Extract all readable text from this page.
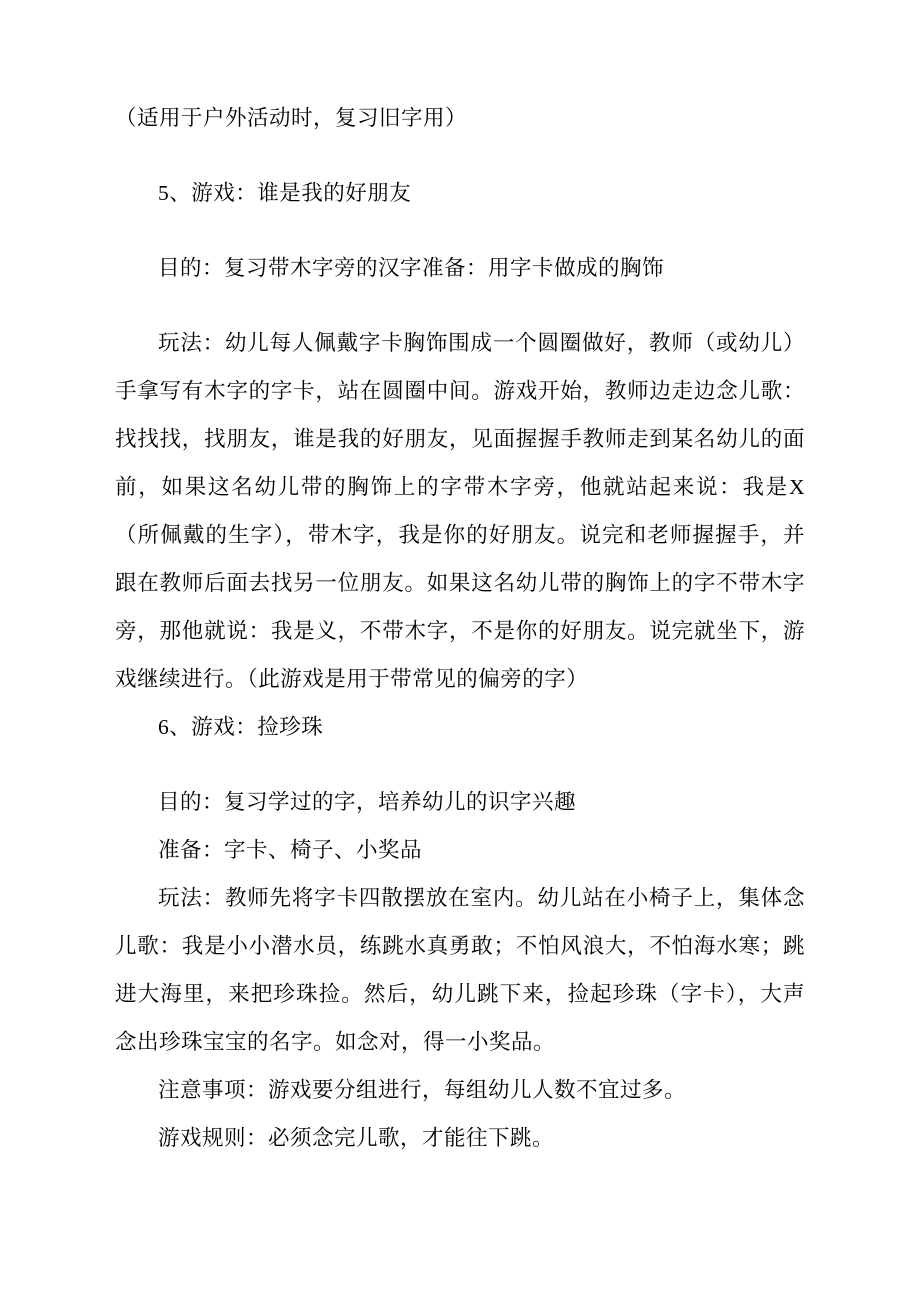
（适用于户外活动时，复习旧字用）

5、游戏：谁是我的好朋友

目的：复习带木字旁的汉字准备：用字卡做成的胸饰

玩法：幼儿每人佩戴字卡胸饰围成一个圆圈做好，教师（或幼儿）手拿写有木字的字卡，站在圆圈中间。游戏开始，教师边走边念儿歌：找找找，找朋友，谁是我的好朋友，见面握握手教师走到某名幼儿的面前，如果这名幼儿带的胸饰上的字带木字旁，他就站起来说：我是X（所佩戴的生字），带木字，我是你的好朋友。说完和老师握握手，并跟在教师后面去找另一位朋友。如果这名幼儿带的胸饰上的字不带木字旁，那他就说：我是义，不带木字，不是你的好朋友。说完就坐下，游戏继续进行。（此游戏是用于带常见的偏旁的字）

6、游戏：捡珍珠

目的：复习学过的字，培养幼儿的识字兴趣

准备：字卡、椅子、小奖品

玩法：教师先将字卡四散摆放在室内。幼儿站在小椅子上，集体念儿歌：我是小小潜水员，练跳水真勇敢；不怕风浪大，不怕海水寒；跳进大海里，来把珍珠捡。然后，幼儿跳下来，捡起珍珠（字卡），大声念出珍珠宝宝的名字。如念对，得一小奖品。

注意事项：游戏要分组进行，每组幼儿人数不宜过多。

游戏规则：必须念完儿歌，才能往下跳。
